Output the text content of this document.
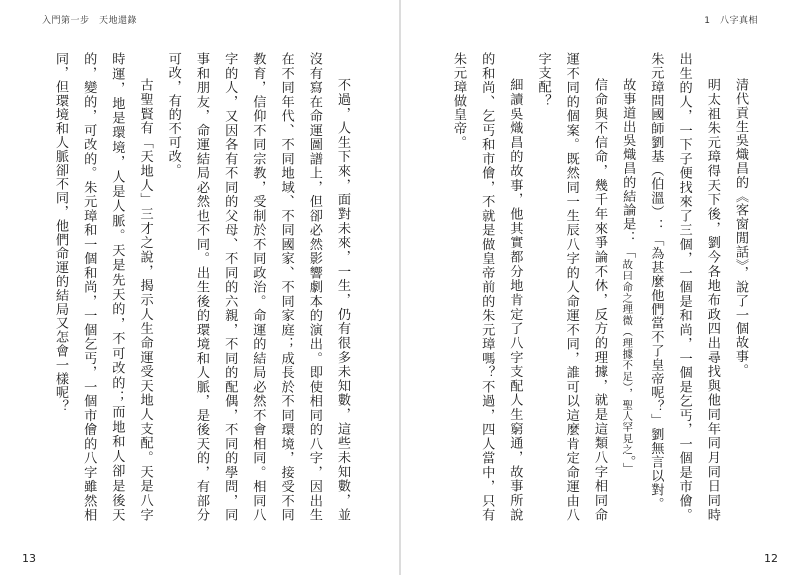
入門第一步　天地還錄

不過，人生下來，面對未來，一生，仍有很多未知數，這些未知數，並沒有寫在命運圖譜上，但卻必然影響劇本的演出。即使相同的八字，因出生在不同年代、不同地域、不同國家、不同家庭；成長於不同環境，接受不同教育，信仰不同宗教，受制於不同政治。命運的結局必然不會相同。相同八字的人，又因各有不同的父母、不同的六親，不同的配偶，不同的學問，同事和朋友，命運結局必然也不同。出生後的環境和人脈，是後天的，有部分可改，有的不可改。

古聖賢有「天地人」三才之說，揭示人生命運受天地人支配。天是八字時運，地是環境，人是人脈。天是先天的，不可改的；而地和人卻是後天的，變的，可改的。朱元璋和一個和尚，一個乞丐，一個市儈的八字雖然相同，但環境和人脈卻不同，他們命運的結局又怎會一樣呢？

13
1　八字真相

清代貢生吳熾昌的《客窗閒話》，說了一個故事。

明太祖朱元璋得天下後，劉今各地布政四出尋找與他同年同月同日同時出生的人，一下子便找來了三個，一個是和尚，一個是乞丐，一個是市儈。朱元璋問國師劉基（伯溫）：「為甚麼他們當不了皇帝呢？」劉無言以對。

故事道出吳熾昌的結論是：「故曰命之理微（理據不足），聖人罕見之。」

信命與不信命，幾千年來爭論不休，反方的理據，就是這類八字相同命運不同的個案。既然同一生辰八字的人命運不同，誰可以這麼肯定命運由八字支配？

細讀吳熾昌的故事，他其實都分地肯定了八字支配人生窮通，故事所說的和尚、乞丐和市儈，不就是做皇帝前的朱元璋嗎？不過，四人當中，只有朱元璋做皇帝。

12
